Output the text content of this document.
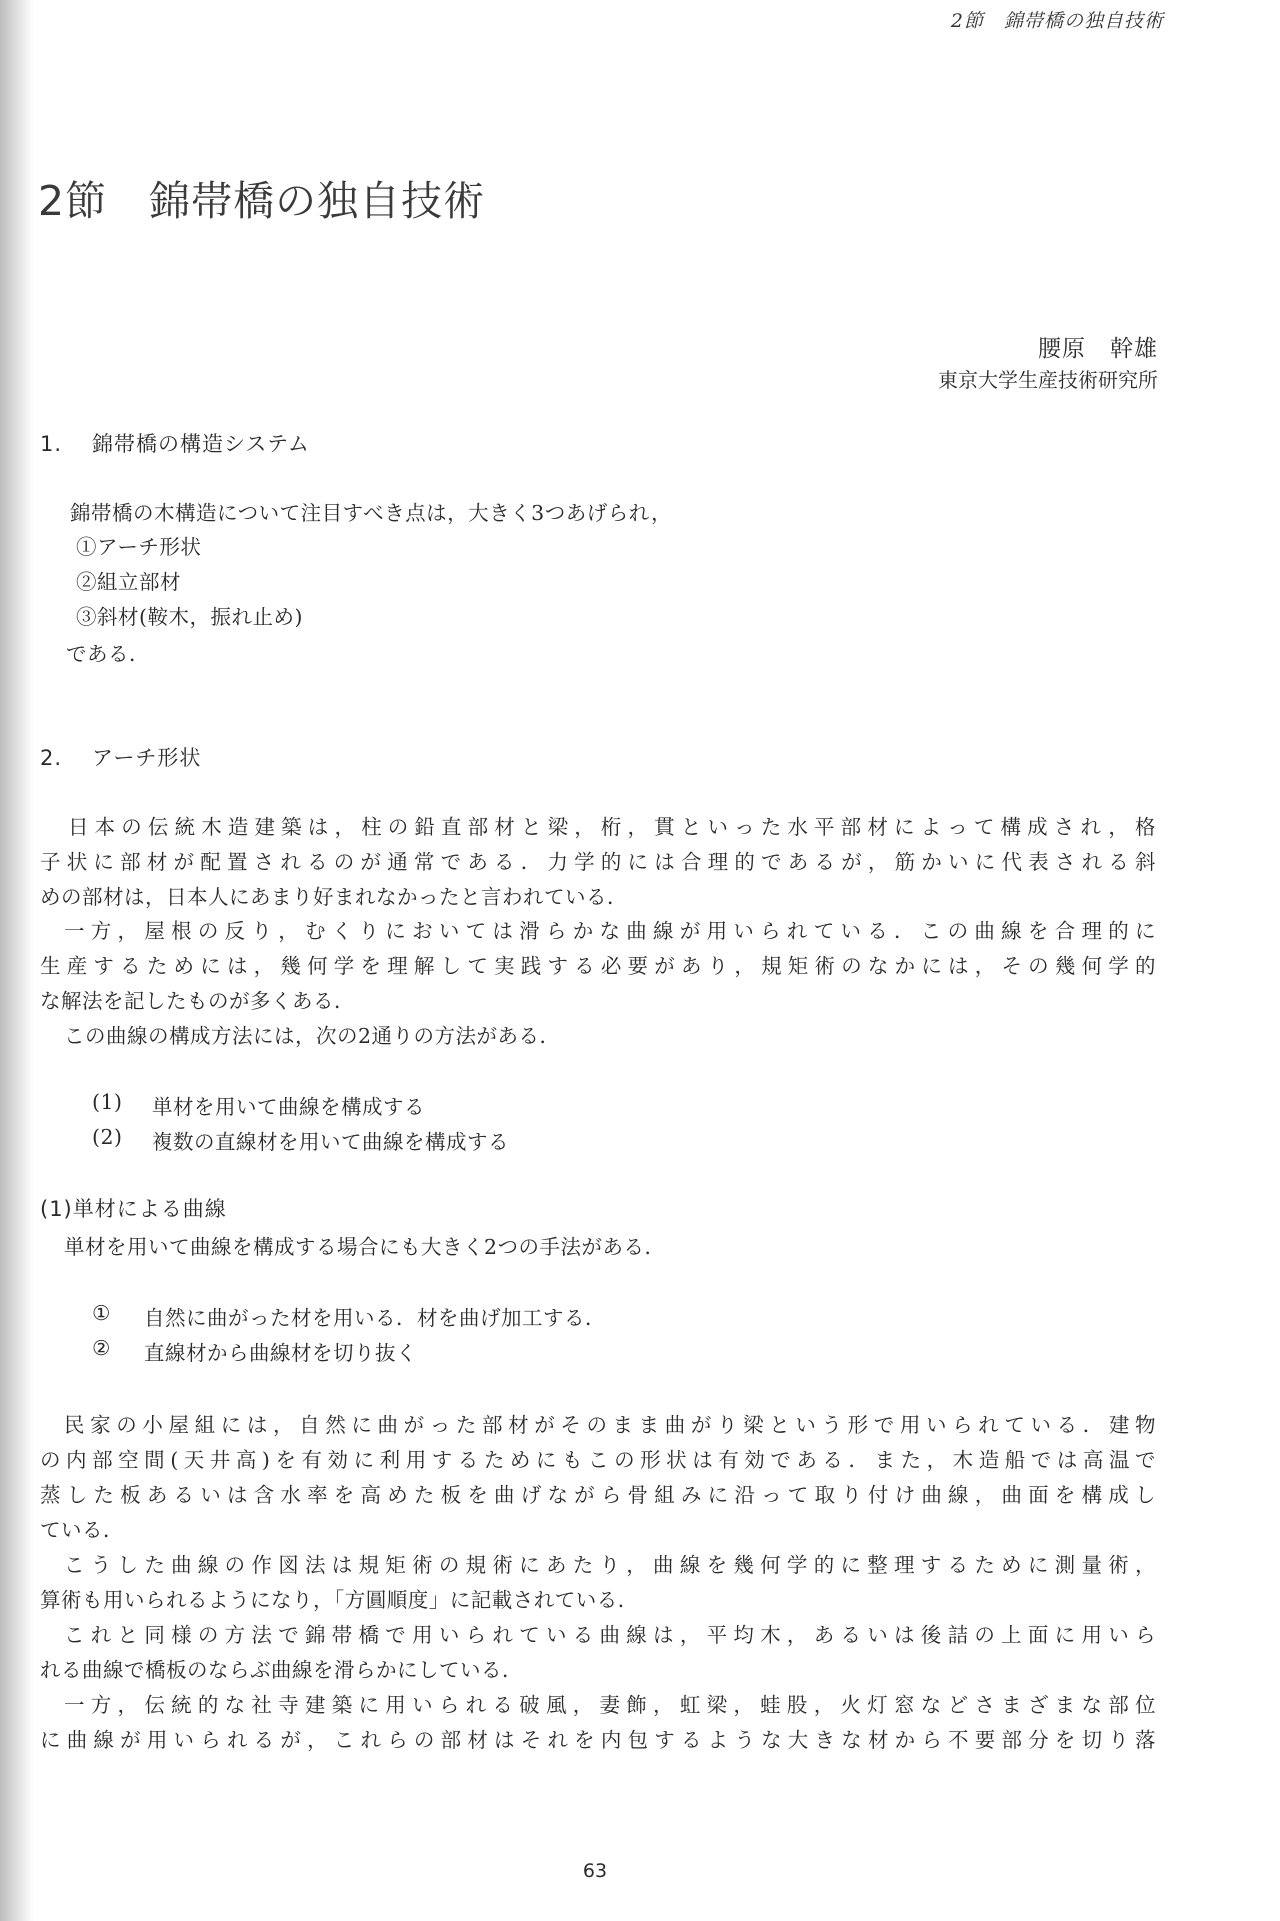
2節　錦帯橋の独自技術
2節　錦帯橋の独自技術
腰原　幹雄
東京大学生産技術研究所
1. 錦帯橋の構造システム
錦帯橋の木構造について注目すべき点は，大きく3つあげられ，
①アーチ形状
②組立部材
③斜材(鞍木，振れ止め)
である．
2. アーチ形状
日本の伝統木造建築は，柱の鉛直部材と梁，桁，貫といった水平部材によって構成され，格
子状に部材が配置されるのが通常である．力学的には合理的であるが，筋かいに代表される斜
めの部材は，日本人にあまり好まれなかったと言われている．
一方，屋根の反り，むくりにおいては滑らかな曲線が用いられている．この曲線を合理的に
生産するためには，幾何学を理解して実践する必要があり，規矩術のなかには，その幾何学的
な解法を記したものが多くある．
この曲線の構成方法には，次の2通りの方法がある．
(1) 単材を用いて曲線を構成する
(2) 複数の直線材を用いて曲線を構成する
(1)単材による曲線
単材を用いて曲線を構成する場合にも大きく2つの手法がある．
① 自然に曲がった材を用いる．材を曲げ加工する．
② 直線材から曲線材を切り抜く
民家の小屋組には，自然に曲がった部材がそのまま曲がり梁という形で用いられている．建物
の内部空間(天井高)を有効に利用するためにもこの形状は有効である．また，木造船では高温で
蒸した板あるいは含水率を高めた板を曲げながら骨組みに沿って取り付け曲線，曲面を構成し
ている．
こうした曲線の作図法は規矩術の規術にあたり，曲線を幾何学的に整理するために測量術，
算術も用いられるようになり，「方圓順度」に記載されている．
これと同様の方法で錦帯橋で用いられている曲線は，平均木，あるいは後詰の上面に用いら
れる曲線で橋板のならぶ曲線を滑らかにしている．
一方，伝統的な社寺建築に用いられる破風，妻飾，虹梁，蛙股，火灯窓などさまざまな部位
に曲線が用いられるが，これらの部材はそれを内包するような大きな材から不要部分を切り落
63
